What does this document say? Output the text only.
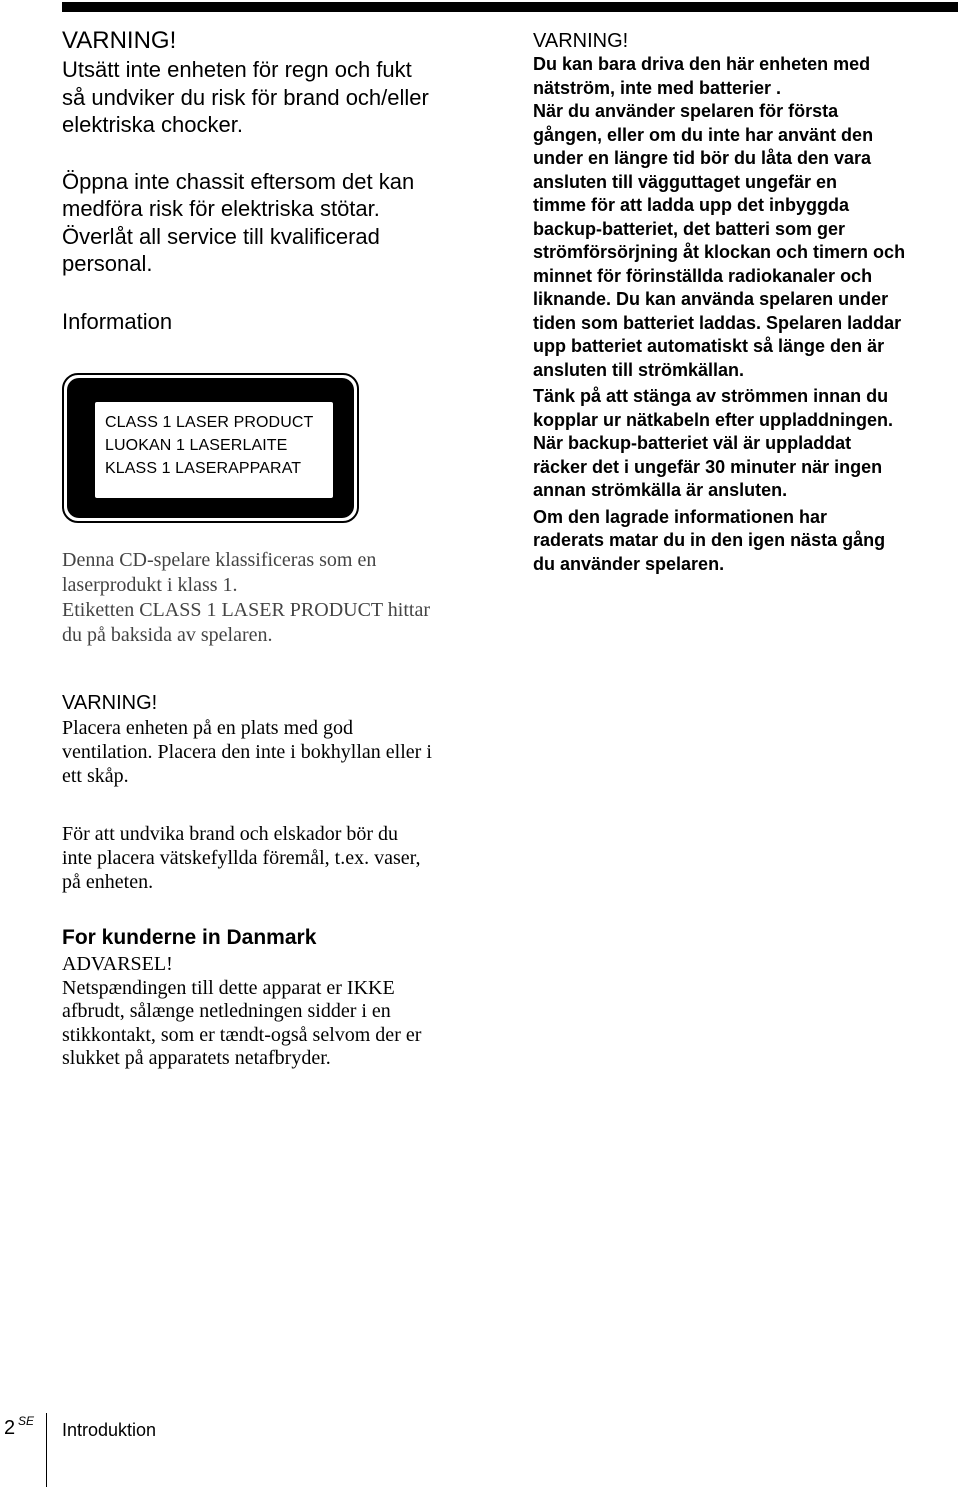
VARNING!
Utsätt inte enheten för regn och fukt
så undviker du risk för brand och/eller
elektriska chocker.
Öppna inte chassit eftersom det kan
medföra risk för elektriska stötar.
Överlåt all service till kvalificerad
personal.
Information
CLASS 1 LASER PRODUCT
LUOKAN 1 LASERLAITE
KLASS 1 LASERAPPARAT

Denna CD-spelare klassificeras som en
laserprodukt i klass 1.

Etiketten CLASS 1 LASER PRODUCT hittar
du på baksida av spelaren.

VARNING!
Du kan bara driva den här enheten med
nätström, inte med batterier .
När du använder spelaren för första
gången, eller om du inte har använt den
under en längre tid bör du låta den vara
ansluten till vägguttaget ungefär en
timme för att ladda upp det inbyggda
backup-batteriet, det batteri som ger
strömförsörjning åt klockan och timern och
minnet för förinställda radiokanaler och
liknande. Du kan använda spelaren under
tiden som batteriet laddas. Spelaren laddar
upp batteriet automatiskt så länge den är
ansluten till strömkällan.
Tänk på att stänga av strömmen innan du
kopplar ur nätkabeln efter uppladdningen.
När backup-batteriet väl är uppladdat
räcker det i ungefär 30 minuter när ingen
annan strömkälla är ansluten.
Om den lagrade informationen har
raderats matar du in den igen nästa gång
du använder spelaren.
VARNING!

Placera enheten på en plats med god
ventilation. Placera den inte i bokhyllan eller i
ett skåp.

För att undvika brand och elskador bör du
inte placera vätskefyllda föremål, t.ex. vaser,
på enheten.

For kunderne in Danmark

ADVARSEL!
Netspændingen till dette apparat er IKKE
afbrudt, sålænge netledningen sidder i en
stikkontakt, som er tændt-også selvom der er
slukket på apparatets netafbryder.

2 SE Introduktion
